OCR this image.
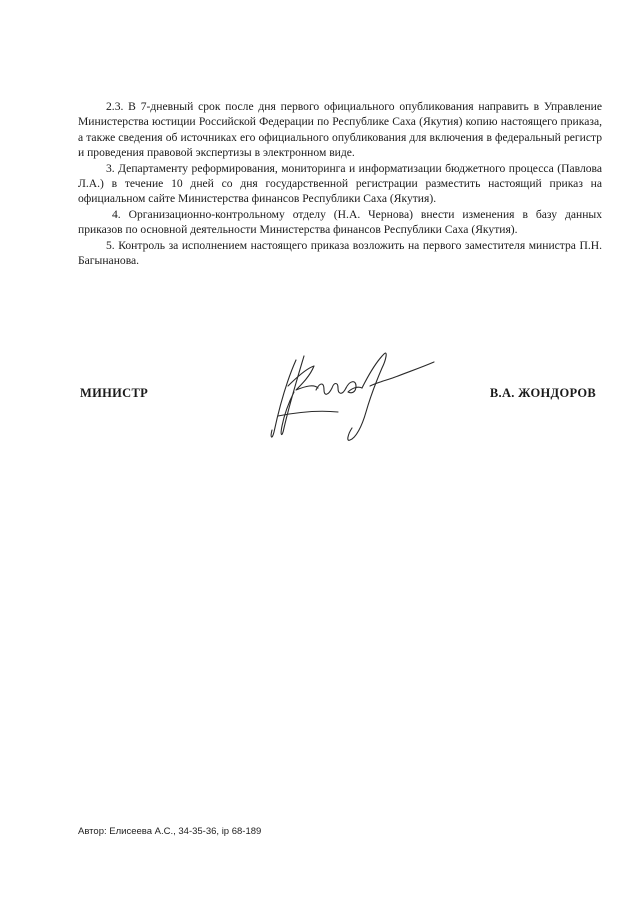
2.3. В 7-дневный срок после дня первого официального опубликования направить в Управление Министерства юстиции Российской Федерации по Республике Саха (Якутия) копию настоящего приказа, а также сведения об источниках его официального опубликования для включения в федеральный регистр и проведения правовой экспертизы в электронном виде.

3. Департаменту реформирования, мониторинга и информатизации бюджетного процесса (Павлова Л.А.) в течение 10 дней со дня государственной регистрации разместить настоящий приказ на официальном сайте Министерства финансов Республики Саха (Якутия).

4. Организационно-контрольному отделу (Н.А. Чернова) внести изменения в базу данных приказов по основной деятельности Министерства финансов Республики Саха (Якутия).

5. Контроль за исполнением настоящего приказа возложить на первого заместителя министра П.Н. Багынанова.

МИНИСТР	В.А. ЖОНДОРОВ
Автор: Елисеева А.С., 34-35-36, ip 68-189
